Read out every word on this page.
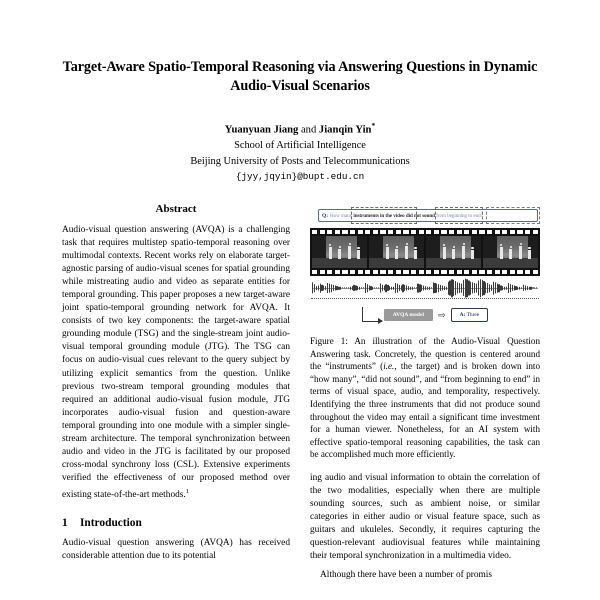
Target-Aware Spatio-Temporal Reasoning via Answering Questions in Dynamic Audio-Visual Scenarios
Yuanyuan Jiang and Jianqin Yin*
School of Artificial Intelligence
Beijing University of Posts and Telecommunications
{jyy,jqyin}@bupt.edu.cn
Abstract

Audio-visual question answering (AVQA) is a challenging task that requires multistep spatio-temporal reasoning over multimodal contexts. Recent works rely on elaborate target-agnostic parsing of audio-visual scenes for spatial grounding while mistreating audio and video as separate entities for temporal grounding. This paper proposes a new target-aware joint spatio-temporal grounding network for AVQA. It consists of two key components: the target-aware spatial grounding module (TSG) and the single-stream joint audio-visual temporal grounding module (JTG). The TSG can focus on audio-visual cues relevant to the query subject by utilizing explicit semantics from the question. Unlike previous two-stream temporal grounding modules that required an additional audio-visual fusion module, JTG incorporates audio-visual fusion and question-aware temporal grounding into one module with a simpler single-stream architecture. The temporal synchronization between audio and video in the JTG is facilitated by our proposed cross-modal synchrony loss (CSL). Extensive experiments verified the effectiveness of our proposed method over existing state-of-the-art methods.$^1$

1 Introduction

Audio-visual question answering (AVQA) has received considerable attention due to its potential

Q: How many instruments in the video did not sound from beginning to end?
AVQA model	⇨	A: Three

Figure 1: An illustration of the Audio-Visual Question Answering task. Concretely, the question is centered around the “instruments” (i.e., the target) and is broken down into “how many”, “did not sound”, and “from beginning to end” in terms of visual space, audio, and temporality, respectively. Identifying the three instruments that did not produce sound throughout the video may entail a significant time investment for a human viewer. Nonetheless, for an AI system with effective spatio-temporal reasoning capabilities, the task can be accomplished much more efficiently.

ing audio and visual information to obtain the correlation of the two modalities, especially when there are multiple sounding sources, such as ambient noise, or similar categories in either audio or visual feature space, such as guitars and ukuleles. Secondly, it requires capturing the question-relevant audiovisual features while maintaining their temporal synchronization in a multimedia video.

Although there have been a number of promis
